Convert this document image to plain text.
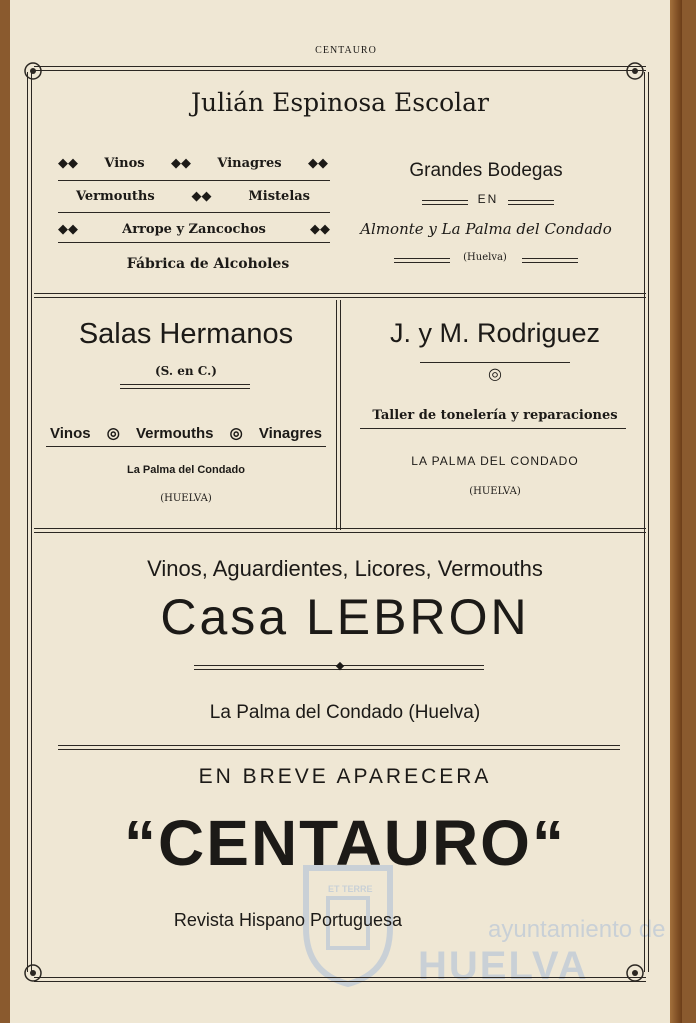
ET TERRE
ayuntamiento de
HUELVA
CENTAURO
Julián Espinosa Escolar
◆◆ Vinos ◆◆ Vinagres ◆◆
Vermouths	◆◆	Mistelas
◆◆	Arrope y Zancochos	◆◆
Fábrica de Alcoholes
Grandes Bodegas
EN
Almonte y La Palma del Condado
(Huelva)
Salas Hermanos
(S. en C.)
Vinos ◎ Vermouths ◎ Vinagres
La Palma del Condado
(HUELVA)
J. y M. Rodriguez
◎
Taller de tonelería y reparaciones
LA PALMA DEL CONDADO
(HUELVA)
Vinos, Aguardientes, Licores, Vermouths
Casa LEBRON
◆
La Palma del Condado (Huelva)
EN BREVE APARECERA
“CENTAURO“
Revista Hispano Portuguesa
